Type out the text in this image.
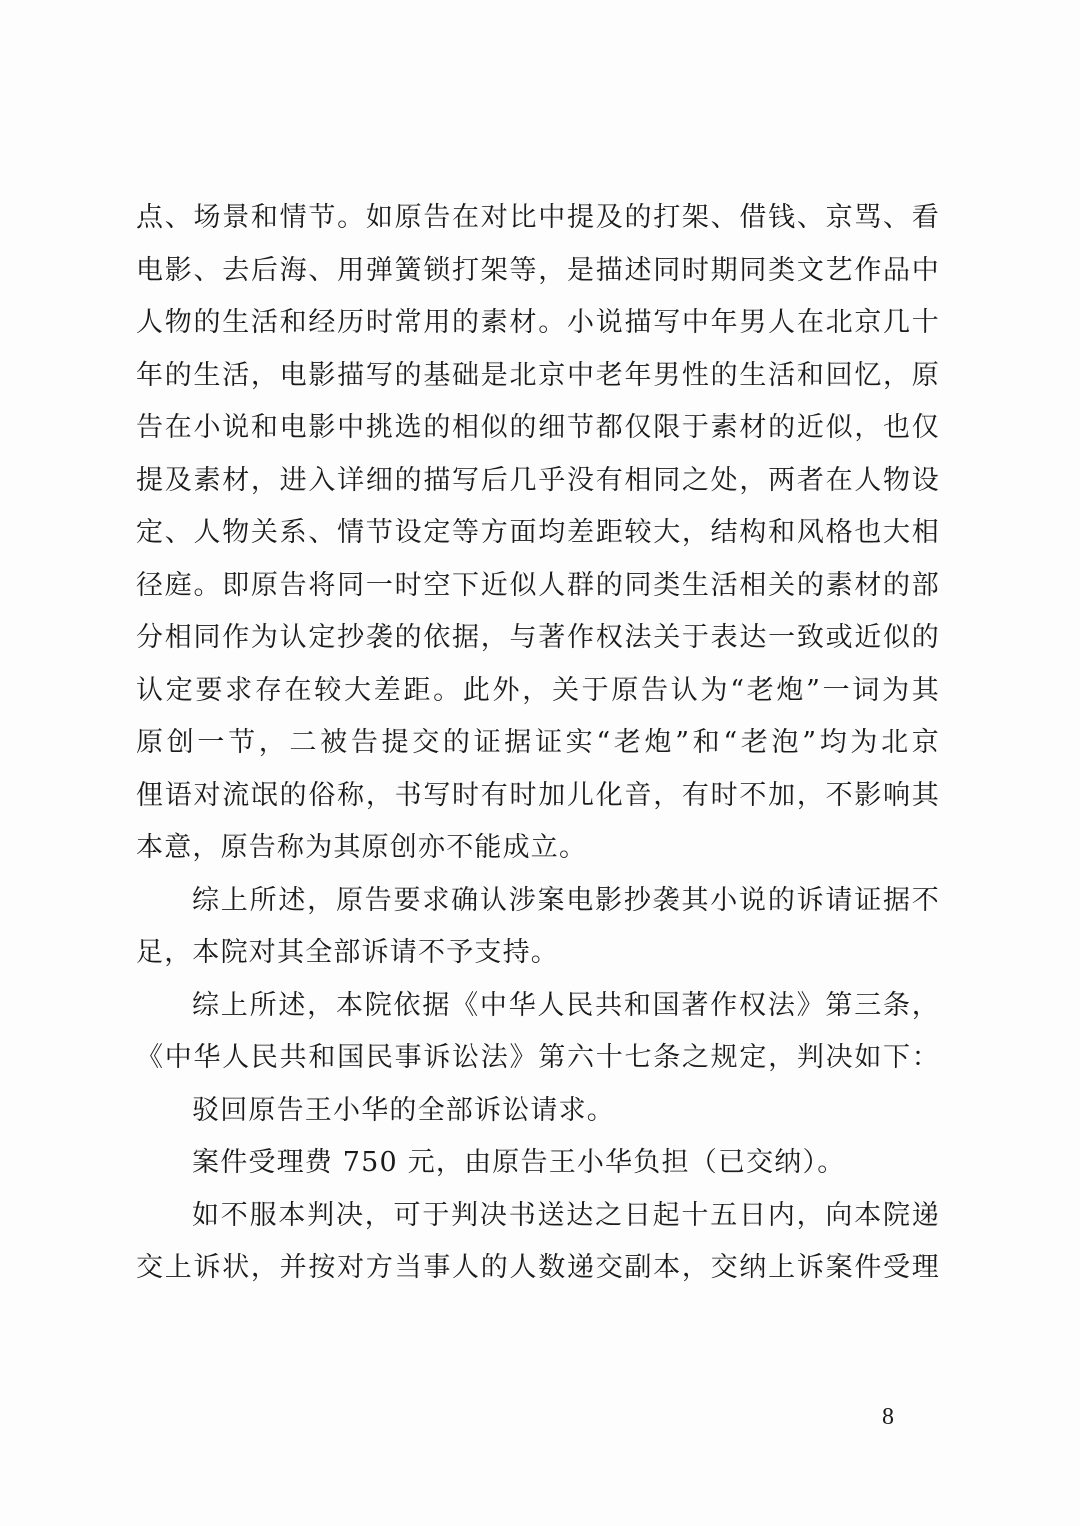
点、场景和情节。如原告在对比中提及的打架、借钱、京骂、看
电影、去后海、用弹簧锁打架等，是描述同时期同类文艺作品中
人物的生活和经历时常用的素材。小说描写中年男人在北京几十
年的生活，电影描写的基础是北京中老年男性的生活和回忆，原
告在小说和电影中挑选的相似的细节都仅限于素材的近似，也仅
提及素材，进入详细的描写后几乎没有相同之处，两者在人物设
定、人物关系、情节设定等方面均差距较大，结构和风格也大相
径庭。即原告将同一时空下近似人群的同类生活相关的素材的部
分相同作为认定抄袭的依据，与著作权法关于表达一致或近似的
认定要求存在较大差距。此外，关于原告认为“老炮”一词为其
原创一节，二被告提交的证据证实“老炮”和“老泡”均为北京
俚语对流氓的俗称，书写时有时加儿化音，有时不加，不影响其
本意，原告称为其原创亦不能成立。
综上所述，原告要求确认涉案电影抄袭其小说的诉请证据不
足，本院对其全部诉请不予支持。
综上所述，本院依据《中华人民共和国著作权法》第三条，
《中华人民共和国民事诉讼法》第六十七条之规定，判决如下：
驳回原告王小华的全部诉讼请求。
案件受理费 750 元，由原告王小华负担（已交纳）。
如不服本判决，可于判决书送达之日起十五日内，向本院递
交上诉状，并按对方当事人的人数递交副本，交纳上诉案件受理
8
